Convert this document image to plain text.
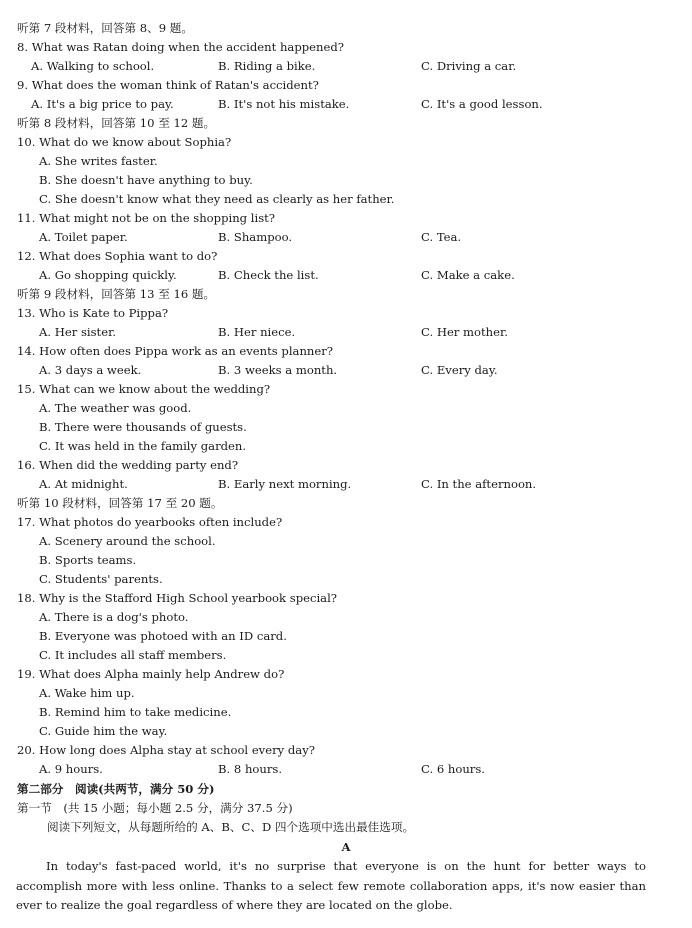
听第 7 段材料，回答第 8、9 题。
8. What was Ratan doing when the accident happened?
A. Walking to school.	B. Riding a bike.	C. Driving a car.
9. What does the woman think of Ratan's accident?
A. It's a big price to pay.	B. It's not his mistake.	C. It's a good lesson.
听第 8 段材料，回答第 10 至 12 题。
10. What do we know about Sophia?
A. She writes faster.
B. She doesn't have anything to buy.
C. She doesn't know what they need as clearly as her father.
11. What might not be on the shopping list?
A. Toilet paper.	B. Shampoo.	C. Tea.
12. What does Sophia want to do?
A. Go shopping quickly.	B. Check the list.	C. Make a cake.
听第 9 段材料，回答第 13 至 16 题。
13. Who is Kate to Pippa?
A. Her sister.	B. Her niece.	C. Her mother.
14. How often does Pippa work as an events planner?
A. 3 days a week.	B. 3 weeks a month.	C. Every day.
15. What can we know about the wedding?
A. The weather was good.
B. There were thousands of guests.
C. It was held in the family garden.
16. When did the wedding party end?
A. At midnight.	B. Early next morning.	C. In the afternoon.
听第 10 段材料，回答第 17 至 20 题。
17. What photos do yearbooks often include?
A. Scenery around the school.
B. Sports teams.
C. Students' parents.
18. Why is the Stafford High School yearbook special?
A. There is a dog's photo.
B. Everyone was photoed with an ID card.
C. It includes all staff members.
19. What does Alpha mainly help Andrew do?
A. Wake him up.
B. Remind him to take medicine.
C. Guide him the way.
20. How long does Alpha stay at school every day?
A. 9 hours.	B. 8 hours.	C. 6 hours.
第二部分　阅读(共两节，满分 50 分)
第一节　(共 15 小题；每小题 2.5 分，满分 37.5 分)
阅读下列短文，从每题所给的 A、B、C、D 四个选项中选出最佳选项。
A
In today's fast-paced world, it's no surprise that everyone is on the hunt for better ways to accomplish more with less online. Thanks to a select few remote collaboration apps, it's now easier than ever to realize the goal regardless of where they are located on the globe.
